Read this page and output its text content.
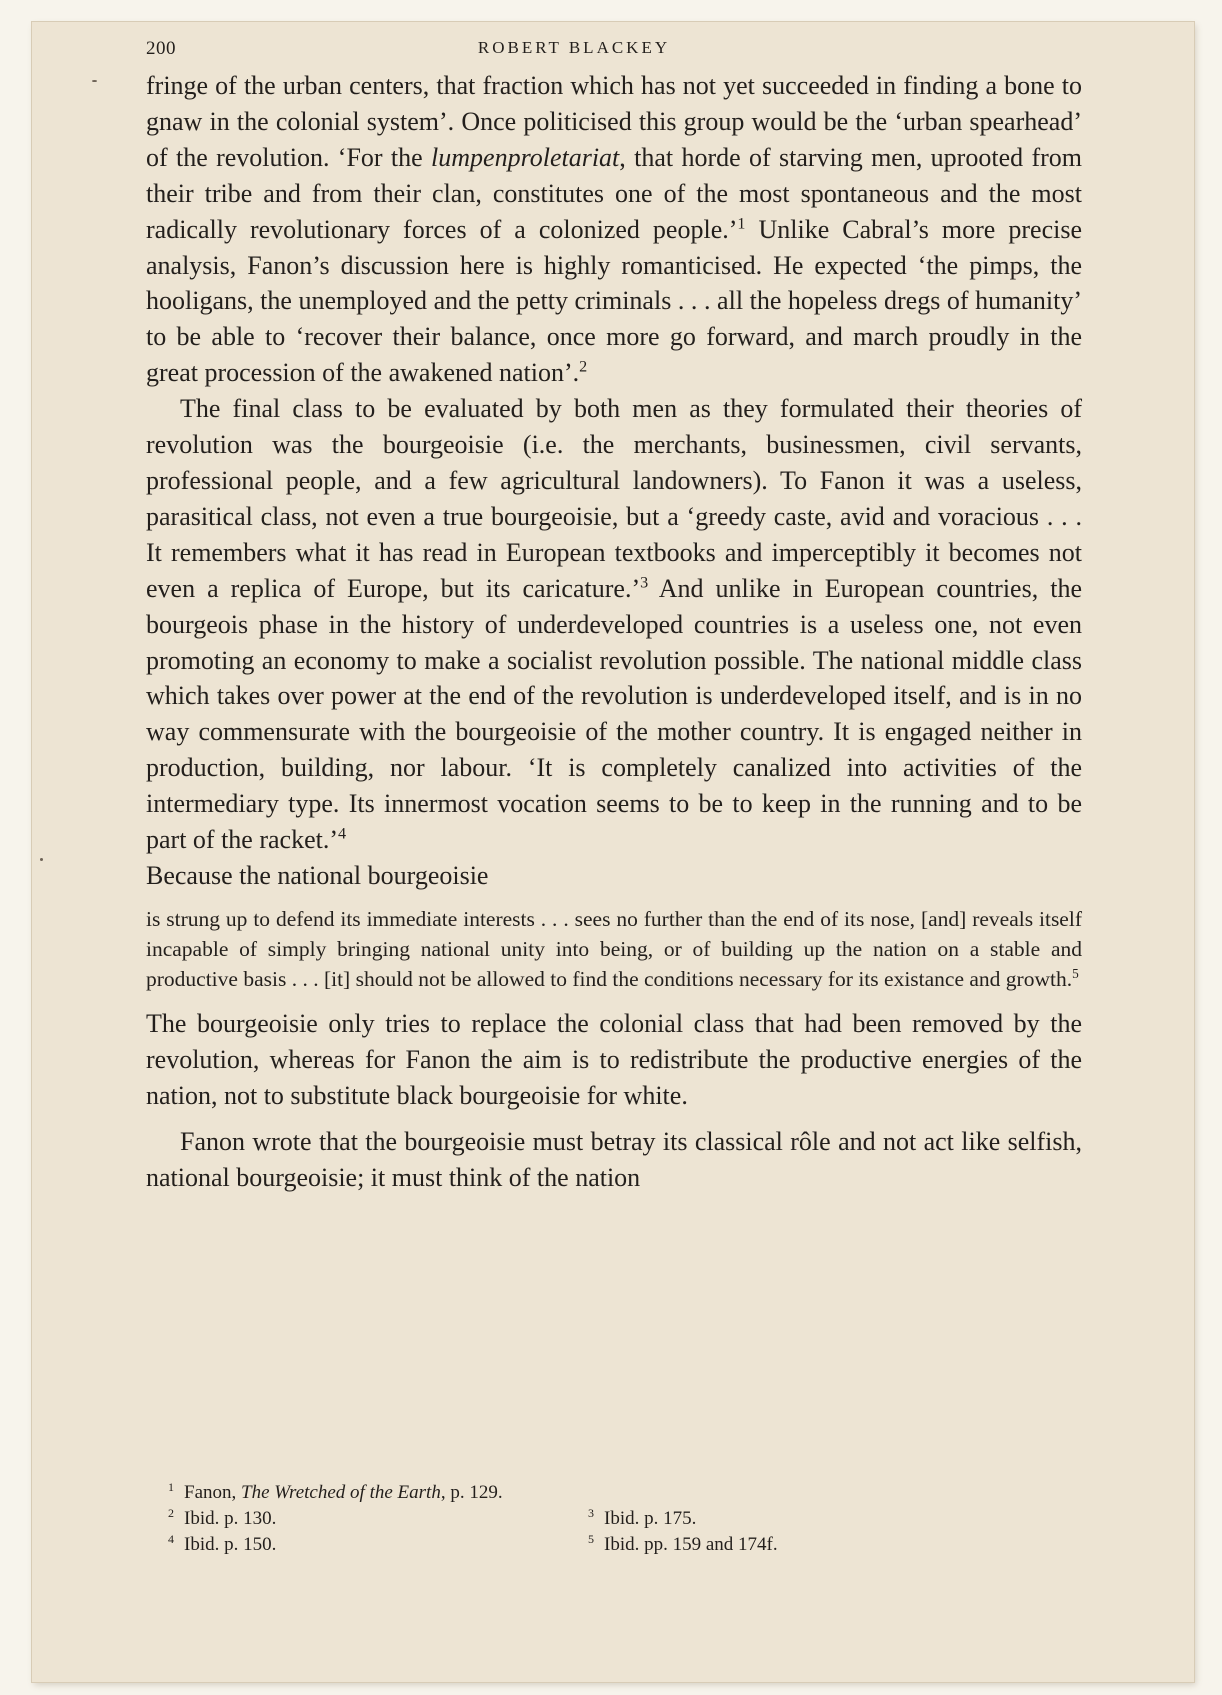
200	ROBERT BLACKEY

fringe of the urban centers, that fraction which has not yet succeeded in finding a bone to gnaw in the colonial system’. Once politicised this group would be the ‘urban spearhead’ of the revolution. ‘For the lumpenproletariat, that horde of starving men, uprooted from their tribe and from their clan, constitutes one of the most spontaneous and the most radically revolutionary forces of a colonized people.’$^1$ Unlike Cabral’s more precise analysis, Fanon’s discussion here is highly romanticised. He expected ‘the pimps, the hooligans, the unemployed and the petty criminals . . . all the hopeless dregs of humanity’ to be able to ‘recover their balance, once more go forward, and march proudly in the great procession of the awakened nation’.$^2$

The final class to be evaluated by both men as they formulated their theories of revolution was the bourgeoisie (i.e. the merchants, businessmen, civil servants, professional people, and a few agricultural landowners). To Fanon it was a useless, parasitical class, not even a true bourgeoisie, but a ‘greedy caste, avid and voracious . . . It remembers what it has read in European textbooks and imperceptibly it becomes not even a replica of Europe, but its caricature.’$^3$ And unlike in European countries, the bourgeois phase in the history of underdeveloped countries is a useless one, not even promoting an economy to make a socialist revolution possible. The national middle class which takes over power at the end of the revolution is underdeveloped itself, and is in no way commensurate with the bourgeoisie of the mother country. It is engaged neither in production, building, nor labour. ‘It is completely canalized into activities of the intermediary type. Its innermost vocation seems to be to keep in the running and to be part of the racket.’$^4$
Because the national bourgeoisie

is strung up to defend its immediate interests . . . sees no further than the end of its nose, [and] reveals itself incapable of simply bringing national unity into being, or of building up the nation on a stable and productive basis . . . [it] should not be allowed to find the conditions necessary for its existance and growth.$^5$

The bourgeoisie only tries to replace the colonial class that had been removed by the revolution, whereas for Fanon the aim is to redistribute the productive energies of the nation, not to substitute black bourgeoisie for white.

Fanon wrote that the bourgeoisie must betray its classical rôle and not act like selfish, national bourgeoisie; it must think of the nation

$^1$ Fanon, The Wretched of the Earth, p. 129.
$^2$ Ibid. p. 130.	$^3$ Ibid. p. 175.
$^4$ Ibid. p. 150.	$^5$ Ibid. pp. 159 and 174f.
